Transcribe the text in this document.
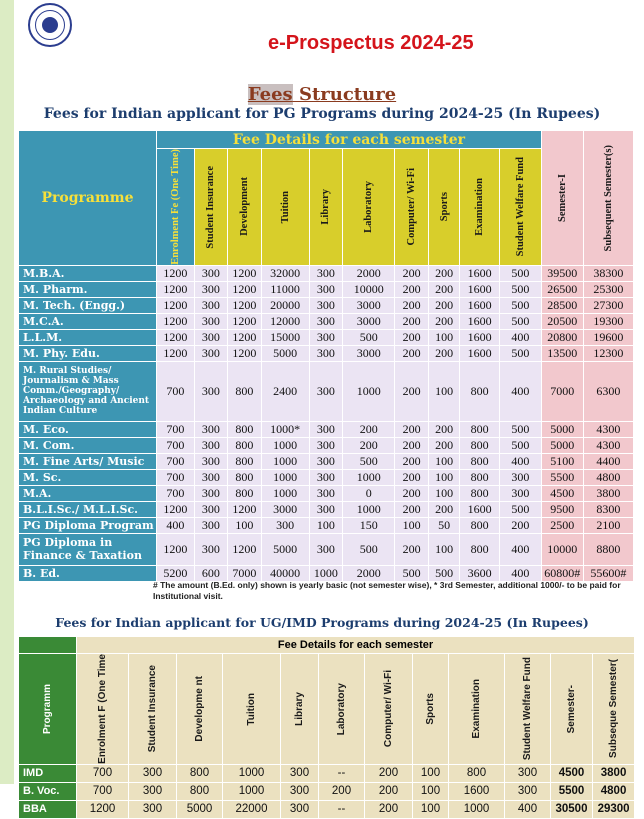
e-Prospectus 2024-25
Fees Structure
Fees for Indian applicant for PG Programs during 2024-25 (In Rupees)
Programme	Fee Details for each semester										Semester-I	Subsequent Semester(s)

	Enrolment Fe (One Time)	Student Insurance	Development	Tuition	Library	Laboratory	Computer/ Wi-Fi	Sports	Examination	Student Welfare Fund		

M.B.A.	1200	300	1200	32000	300	2000	200	200	1600	500	39500	38300
M. Pharm.	1200	300	1200	11000	300	10000	200	200	1600	500	26500	25300
M. Tech. (Engg.)	1200	300	1200	20000	300	3000	200	200	1600	500	28500	27300
M.C.A.	1200	300	1200	12000	300	3000	200	200	1600	500	20500	19300
L.L.M.	1200	300	1200	15000	300	500	200	100	1600	400	20800	19600
M. Phy. Edu.	1200	300	1200	5000	300	3000	200	200	1600	500	13500	12300
M. Rural Studies/ Journalism & Mass Comm./Geography/ Archaeology and Ancient Indian Culture	700	300	800	2400	300	1000	200	100	800	400	7000	6300
M. Eco.	700	300	800	1000*	300	200	200	200	800	500	5000	4300
M. Com.	700	300	800	1000	300	200	200	200	800	500	5000	4300
M. Fine Arts/ Music	700	300	800	1000	300	500	200	100	800	400	5100	4400
M. Sc.	700	300	800	1000	300	1000	200	100	800	300	5500	4800
M.A.	700	300	800	1000	300	0	200	100	800	300	4500	3800
B.L.I.Sc./ M.L.I.Sc.	1200	300	1200	3000	300	1000	200	200	1600	500	9500	8300
PG Diploma Program	400	300	100	300	100	150	100	50	800	200	2500	2100
PG Diploma in Finance & Taxation	1200	300	1200	5000	300	500	200	100	800	400	10000	8800
B. Ed.	5200	600	7000	40000	1000	2000	500	500	3600	400	60800#	55600#
# The amount (B.Ed. only) shown is yearly basic (not semester wise), * 3rd Semester, additional 1000/- to be paid for Institutional visit.
Fees for Indian applicant for UG/IMD Programs during 2024-25 (In Rupees)
	Fee Details for each semester											

Programm	Enrolment F (One Time	Student Insurance	Developme nt	Tuition	Library	Laboratory	Computer/ Wi-Fi	Sports	Examination	Student Welfare Fund	Semester-	Subseque Semester(

IMD	700	300	800	1000	300	--	200	100	800	300	4500	3800
B. Voc.	700	300	800	1000	300	200	200	100	1600	300	5500	4800
BBA	1200	300	5000	22000	300	--	200	100	1000	400	30500	29300
